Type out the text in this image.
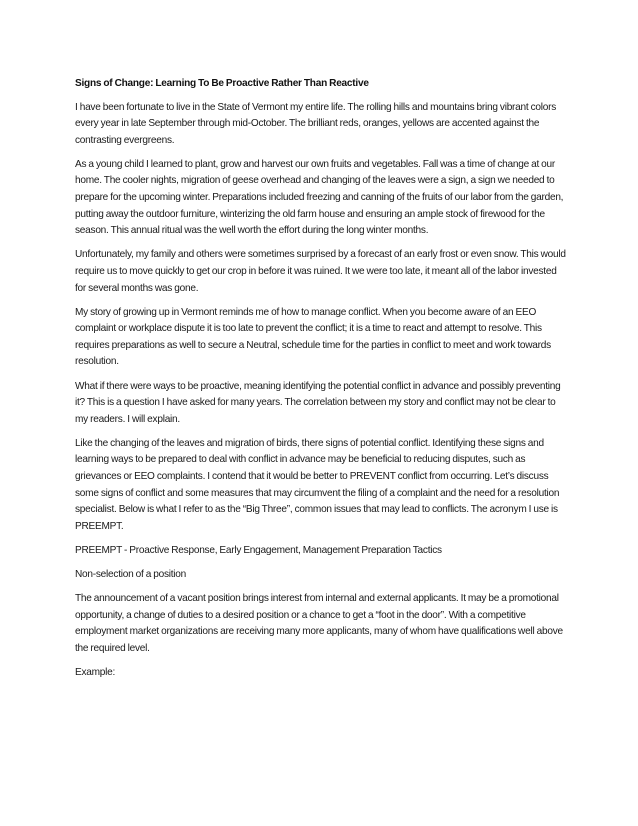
Signs of Change: Learning To Be Proactive Rather Than Reactive
I have been fortunate to live in the State of Vermont my entire life. The rolling hills and mountains bring vibrant colors every year in late September through mid-October. The brilliant reds, oranges, yellows are accented against the contrasting evergreens.
As a young child I learned to plant, grow and harvest our own fruits and vegetables. Fall was a time of change at our home. The cooler nights, migration of geese overhead and changing of the leaves were a sign, a sign we needed to prepare for the upcoming winter. Preparations included freezing and canning of the fruits of our labor from the garden, putting away the outdoor furniture, winterizing the old farm house and ensuring an ample stock of firewood for the season. This annual ritual was the well worth the effort during the long winter months.
Unfortunately, my family and others were sometimes surprised by a forecast of an early frost or even snow. This would require us to move quickly to get our crop in before it was ruined. It we were too late, it meant all of the labor invested for several months was gone.
My story of growing up in Vermont reminds me of how to manage conflict. When you become aware of an EEO complaint or workplace dispute it is too late to prevent the conflict; it is a time to react and attempt to resolve. This requires preparations as well to secure a Neutral, schedule time for the parties in conflict to meet and work towards resolution.
What if there were ways to be proactive, meaning identifying the potential conflict in advance and possibly preventing it? This is a question I have asked for many years. The correlation between my story and conflict may not be clear to my readers. I will explain.
Like the changing of the leaves and migration of birds, there signs of potential conflict. Identifying these signs and learning ways to be prepared to deal with conflict in advance may be beneficial to reducing disputes, such as grievances or EEO complaints. I contend that it would be better to PREVENT conflict from occurring. Let’s discuss some signs of conflict and some measures that may circumvent the filing of a complaint and the need for a resolution specialist. Below is what I refer to as the “Big Three”, common issues that may lead to conflicts. The acronym I use is PREEMPT.
PREEMPT - Proactive Response, Early Engagement, Management Preparation Tactics
Non-selection of a position
The announcement of a vacant position brings interest from internal and external applicants. It may be a promotional opportunity, a change of duties to a desired position or a chance to get a “foot in the door”. With a competitive employment market organizations are receiving many more applicants, many of whom have qualifications well above the required level.
Example:
